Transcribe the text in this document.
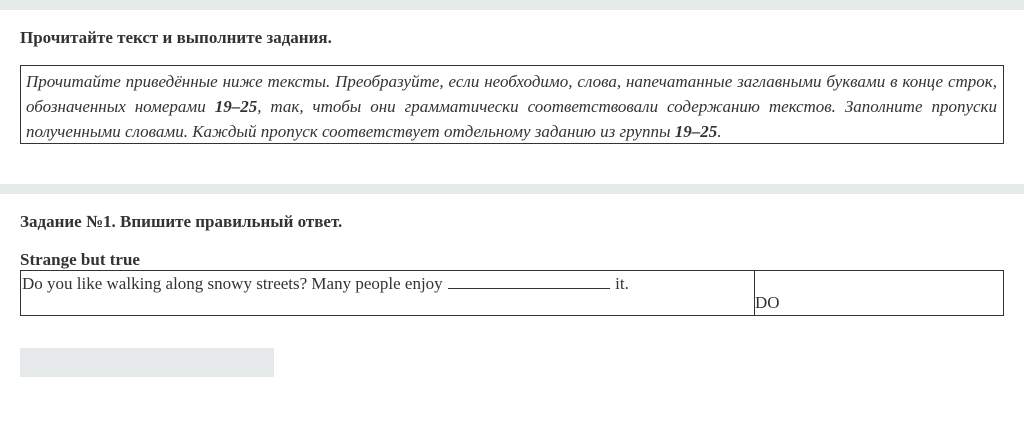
Прочитайте текст и выполните задания.
Прочитайте приведённые ниже тексты. Преобразуйте, если необходимо, слова, напечатанные заглавными буквами в конце строк, обозначенных номерами 19–25, так, чтобы они грамматически соответствовали содержанию текстов. Заполните пропуски полученными словами. Каждый пропуск соответствует отдельному заданию из группы 19–25.
Задание №1. Впишите правильный ответ.
Strange but true
Do you like walking along snowy streets? Many people enjoy	it.
DO
